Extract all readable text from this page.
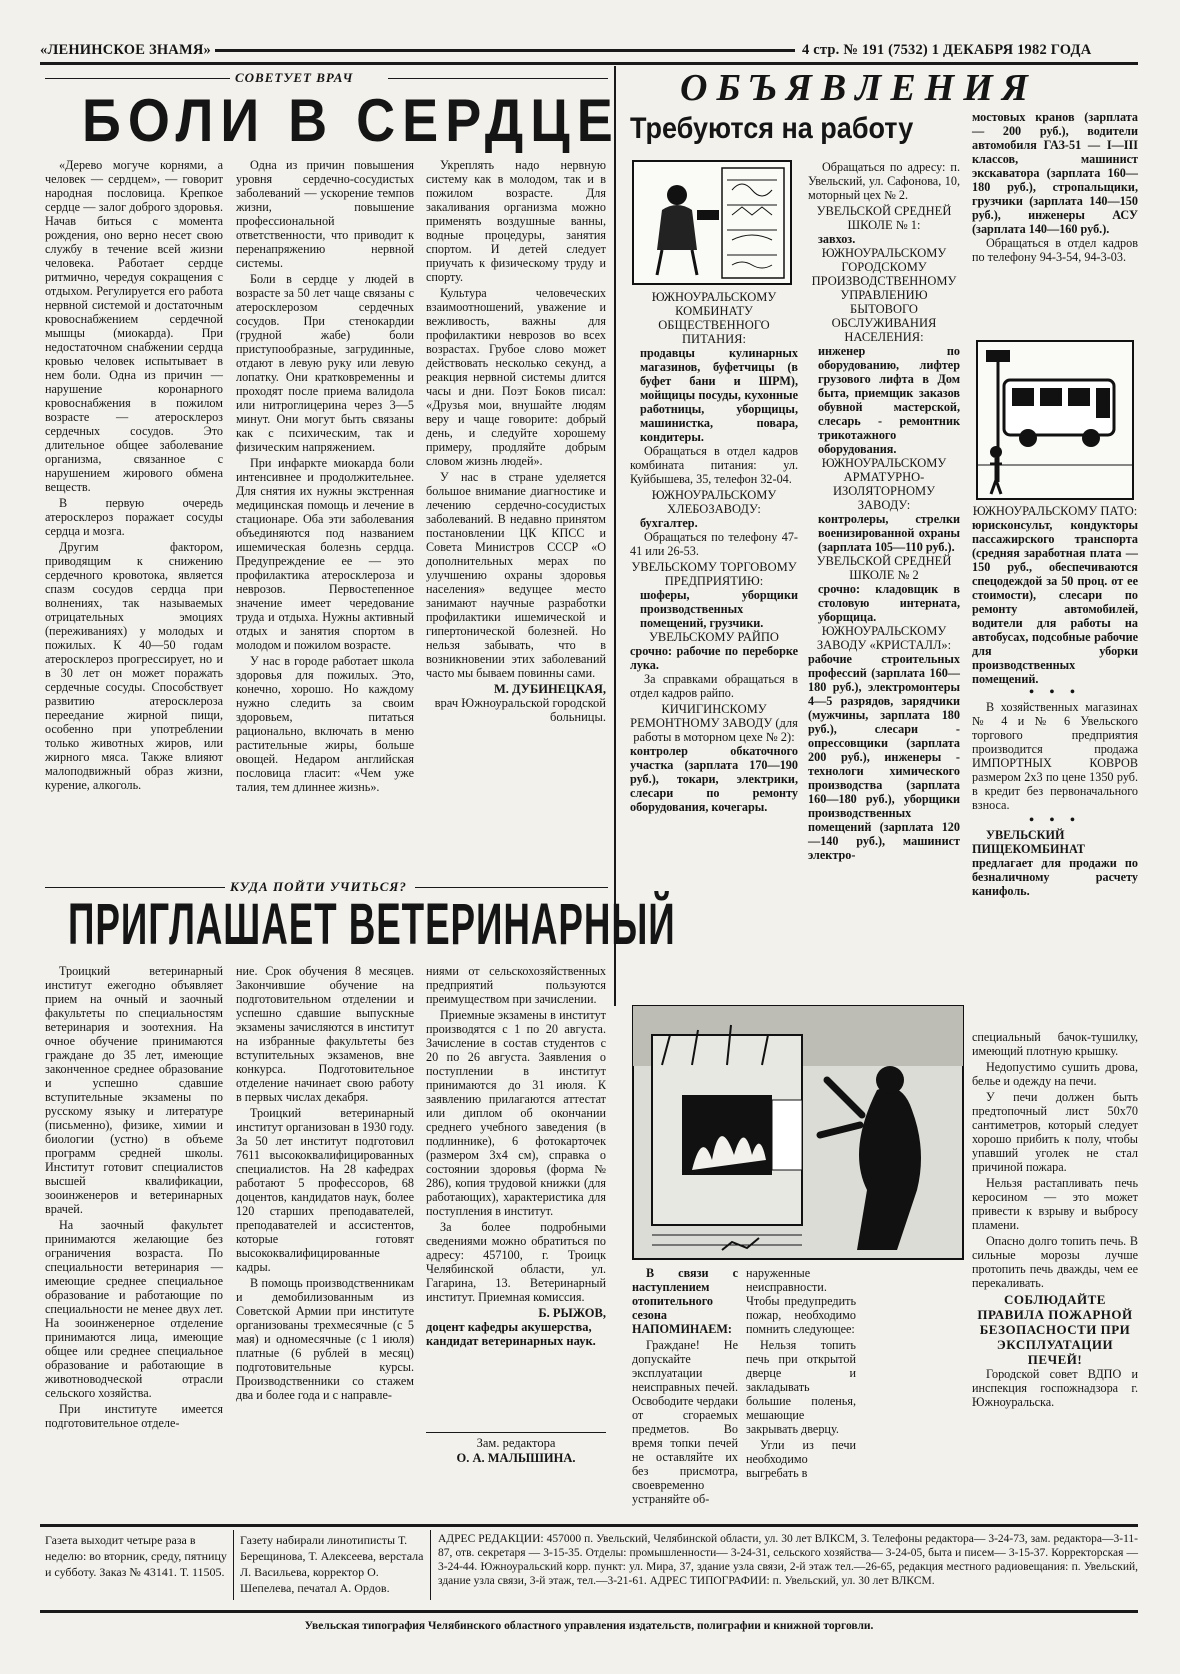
«ЛЕНИНСКОЕ ЗНАМЯ»	4 стр. № 191 (7532) 1 ДЕКАБРЯ 1982 ГОДА
СОВЕТУЕТ ВРАЧ
БОЛИ В СЕРДЦЕ

«Дерево могуче корнями, а человек — сердцем», — говорит народная пословица. Крепкое сердце — залог доброго здоровья. Начав биться с момента рождения, оно верно несет свою службу в течение всей жизни человека. Работает сердце ритмично, чередуя сокращения с отдыхом. Регулируется его работа нервной системой и достаточным кровоснабжением сердечной мышцы (миокарда). При недостаточном снабжении сердца кровью человек испытывает в нем боли. Одна из причин — нарушение коронарного кровоснабжения в пожилом возрасте — атеросклероз сердечных сосудов. Это длительное общее заболевание организма, связанное с нарушением жирового обмена веществ.

В первую очередь атеросклероз поражает сосуды сердца и мозга.

Другим фактором, приводящим к снижению сердечного кровотока, является спазм сосудов сердца при волнениях, так называемых отрицательных эмоциях (переживаниях) у молодых и пожилых. К 40—50 годам атеросклероз прогрессирует, но и в 30 лет он может поражать сердечные сосуды. Способствует развитию атеросклероза переедание жирной пищи, особенно при употреблении только животных жиров, или жирного мяса. Также влияют малоподвижный образ жизни, курение, алкоголь.

Одна из причин повышения уровня сердечно-сосудистых заболеваний — ускорение темпов жизни, повышение профессиональной ответственности, что приводит к перенапряжению нервной системы.

Боли в сердце у людей в возрасте за 50 лет чаще связаны с атеросклерозом сердечных сосудов. При стенокардии (грудной жабе) боли приступообразные, загрудинные, отдают в левую руку или левую лопатку. Они кратковременны и проходят после приема валидола или нитроглицерина через 3—5 минут. Они могут быть связаны как с психическим, так и физическим напряжением.

При инфаркте миокарда боли интенсивнее и продолжительнее. Для снятия их нужны экстренная медицинская помощь и лечение в стационаре. Оба эти заболевания объединяются под названием ишемическая болезнь сердца. Предупреждение ее — это профилактика атеросклероза и неврозов. Первостепенное значение имеет чередование труда и отдыха. Нужны активный отдых и занятия спортом в молодом и пожилом возрасте.

У нас в городе работает школа здоровья для пожилых. Это, конечно, хорошо. Но каждому нужно следить за своим здоровьем, питаться рационально, включать в меню растительные жиры, больше овощей. Недаром английская пословица гласит: «Чем уже талия, тем длиннее жизнь».

Укреплять надо нервную систему как в молодом, так и в пожилом возрасте. Для закаливания организма можно применять воздушные ванны, водные процедуры, занятия спортом. И детей следует приучать к физическому труду и спорту.

Культура человеческих взаимоотношений, уважение и вежливость, важны для профилактики неврозов во всех возрастах. Грубое слово может действовать несколько секунд, а реакция нервной системы длится часы и дни. Поэт Боков писал: «Друзья мои, внушайте людям веру и чаще говорите: добрый день, и следуйте хорошему примеру, продляйте добрым словом жизнь людей».

У нас в стране уделяется большое внимание диагностике и лечению сердечно-сосудистых заболеваний. В недавно принятом постановлении ЦК КПСС и Совета Министров СССР «О дополнительных мерах по улучшению охраны здоровья населения» ведущее место занимают научные разработки профилактики ишемической и гипертонической болезней. Но нельзя забывать, что в возникновении этих заболеваний часто мы бываем повинны сами.

М. ДУБИНЕЦКАЯ,
врач Южноуральской городской больницы.
КУДА ПОЙТИ УЧИТЬСЯ?
ПРИГЛАШАЕТ ВЕТЕРИНАРНЫЙ

Троицкий ветеринарный институт ежегодно объявляет прием на очный и заочный факультеты по специальностям ветеринария и зоотехния. На очное обучение принимаются граждане до 35 лет, имеющие законченное среднее образование и успешно сдавшие вступительные экзамены по русскому языку и литературе (письменно), физике, химии и биологии (устно) в объеме программ средней школы. Институт готовит специалистов высшей квалификации, зооинженеров и ветеринарных врачей.

На заочный факультет принимаются желающие без ограничения возраста. По специальности ветеринария — имеющие среднее специальное образование и работающие по специальности не менее двух лет. На зооинженерное отделение принимаются лица, имеющие общее или среднее специальное образование и работающие в животноводческой отрасли сельского хозяйства.

При институте имеется подготовительное отделе-

ние. Срок обучения 8 месяцев. Закончившие обучение на подготовительном отделении и успешно сдавшие выпускные экзамены зачисляются в институт на избранные факультеты без вступительных экзаменов, вне конкурса. Подготовительное отделение начинает свою работу в первых числах декабря.

Троицкий ветеринарный институт организован в 1930 году. За 50 лет институт подготовил 7611 высококвалифицированных специалистов. На 28 кафедрах работают 5 профессоров, 68 доцентов, кандидатов наук, более 120 старших преподавателей, преподавателей и ассистентов, которые готовят высококвалифицированные кадры.

В помощь производственникам и демобилизованным из Советской Армии при институте организованы трехмесячные (с 5 мая) и одномесячные (с 1 июля) платные (6 рублей в месяц) подготовительные курсы. Производственники со стажем два и более года и с направле-

ниями от сельскохозяйственных предприятий пользуются преимуществом при зачислении.

Приемные экзамены в институт производятся с 1 по 20 августа. Зачисление в состав студентов с 20 по 26 августа. Заявления о поступлении в институт принимаются до 31 июля. К заявлению прилагаются аттестат или диплом об окончании среднего учебного заведения (в подлиннике), 6 фотокарточек (размером 3x4 см), справка о состоянии здоровья (форма № 286), копия трудовой книжки (для работающих), характеристика для поступления в институт.

За более подробными сведениями можно обратиться по адресу: 457100, г. Троицк Челябинской области, ул. Гагарина, 13. Ветеринарный институт. Приемная комиссия.

Б. РЫЖОВ,
доцент кафедры акушерства, кандидат ветеринарных наук.
Зам. редактора
О. А. МАЛЫШИНА.
ОБЪЯВЛЕНИЯ
Требуются на работу
ЮЖНОУРАЛЬСКОМУ КОМБИНАТУ ОБЩЕСТВЕННОГО ПИТАНИЯ:
продавцы кулинарных магазинов, буфетчицы (в буфет бани и ШРМ), мойщицы посуды, кухонные работницы, уборщицы, машинистка, повара, кондитеры.

Обращаться в отдел кадров комбината питания: ул. Куйбышева, 35, телефон 32-04.

ЮЖНОУРАЛЬСКОМУ ХЛЕБОЗАВОДУ:
бухгалтер.

Обращаться по телефону 47-41 или 26-53.

УВЕЛЬСКОМУ ТОРГОВОМУ ПРЕДПРИЯТИЮ:
шоферы, уборщики производственных помещений, грузчики.
УВЕЛЬСКОМУ РАЙПО
срочно: рабочие по переборке лука.

За справками обращаться в отдел кадров райпо.

КИЧИГИНСКОМУ РЕМОНТНОМУ ЗАВОДУ (для работы в моторном цехе № 2):
контролер обкаточного участка (зарплата 170—190 руб.), токари, электрики, слесари по ремонту оборудования, кочегары.

Обращаться по адресу: п. Увельский, ул. Сафонова, 10, моторный цех № 2.

УВЕЛЬСКОЙ СРЕДНЕЙ ШКОЛЕ № 1:
завхоз.
ЮЖНОУРАЛЬСКОМУ ГОРОДСКОМУ ПРОИЗВОДСТВЕННОМУ УПРАВЛЕНИЮ БЫТОВОГО ОБСЛУЖИВАНИЯ НАСЕЛЕНИЯ:
инженер по оборудованию, лифтер грузового лифта в Дом быта, приемщик заказов обувной мастерской, слесарь - ремонтник трикотажного оборудования.
ЮЖНОУРАЛЬСКОМУ АРМАТУРНО-ИЗОЛЯТОРНОМУ ЗАВОДУ:
контролеры, стрелки военизированной охраны (зарплата 105—110 руб.).
УВЕЛЬСКОЙ СРЕДНЕЙ ШКОЛЕ № 2
срочно: кладовщик в столовую интерната, уборщица.
ЮЖНОУРАЛЬСКОМУ ЗАВОДУ «КРИСТАЛЛ»:
рабочие строительных профессий (зарплата 160—180 руб.), электромонтеры 4—5 разрядов, зарядчики (мужчины, зарплата 180 руб.), слесари - опрессовщики (зарплата 200 руб.), инженеры - технологи химического производства (зарплата 160—180 руб.), уборщики производственных помещений (зарплата 120—140 руб.), машинист электро-
мостовых кранов (зарплата — 200 руб.), водители автомобиля ГАЗ-51 — I—III классов, машинист экскаватора (зарплата 160—180 руб.), стропальщики, грузчики (зарплата 140—150 руб.), инженеры АСУ (зарплата 140—160 руб.).

Обращаться в отдел кадров по телефону 94-3-54, 94-3-03.

ЮЖНОУРАЛЬСКОМУ ПАТО:
юрисконсульт, кондукторы пассажирского транспорта (средняя заработная плата — 150 руб., обеспечиваются спецодеждой за 50 проц. от ее стоимости), слесари по ремонту автомобилей, водители для работы на автобусах, подсобные рабочие для уборки производственных помещений.
• • •

В хозяйственных магазинах № 4 и № 6 Увельского торгового предприятия производится продажа ИМПОРТНЫХ КОВРОВ размером 2x3 по цене 1350 руб. в кредит без первоначального взноса.

• • •

УВЕЛЬСКИЙ ПИЩЕКОМБИНАТ предлагает для продажи по безналичному расчету канифоль.

В связи с наступлением отопительного сезона НАПОМИНАЕМ:

Граждане! Не допускайте эксплуатации неисправных печей. Освободите чердаки от сгораемых предметов. Во время топки печей не оставляйте их без присмотра, своевременно устраняйте об-

наруженные неисправности. Чтобы предупредить пожар, необходимо помнить следующее:

Нельзя топить печь при открытой дверце и закладывать большие поленья, мешающие закрывать дверцу.

Угли из печи необходимо выгребать в

специальный бачок-тушилку, имеющий плотную крышку.

Недопустимо сушить дрова, белье и одежду на печи.

У печи должен быть предтопочный лист 50x70 сантиметров, который следует хорошо прибить к полу, чтобы упавший уголек не стал причиной пожара.

Нельзя растапливать печь керосином — это может привести к взрыву и выбросу пламени.

Опасно долго топить печь. В сильные морозы лучше протопить печь дважды, чем ее перекаливать.

СОБЛЮДАЙТЕ ПРАВИЛА ПОЖАРНОЙ БЕЗОПАСНОСТИ ПРИ ЭКСПЛУАТАЦИИ ПЕЧЕЙ!

Городской совет ВДПО и инспекция госпожнадзора г. Южноуральска.

Газета выходит четыре раза в неделю: во вторник, среду, пятницу и субботу. Заказ № 43141. Т. 11505.
Газету набирали линотиписты Т. Берещинова, Т. Алексеева, верстала Л. Васильева, корректор О. Шепелева, печатал А. Ордов.
АДРЕС РЕДАКЦИИ: 457000 п. Увельский, Челябинской области, ул. 30 лет ВЛКСМ, 3. Телефоны редактора— 3-24-73, зам. редактора—3-11-87, отв. секретаря — 3-15-35. Отделы: промышленности— 3-24-31, сельского хозяйства— 3-24-05, быта и писем— 3-15-37. Корректорская — 3-24-44. Южноуральский корр. пункт: ул. Мира, 37, здание узла связи, 2-й этаж тел.—26-65, редакция местного радиовещания: п. Увельский, здание узла связи, 3-й этаж, тел.—3-21-61. АДРЕС ТИПОГРАФИИ: п. Увельский, ул. 30 лет ВЛКСМ.
Увельская типография Челябинского областного управления издательств, полиграфии и книжной торговли.
